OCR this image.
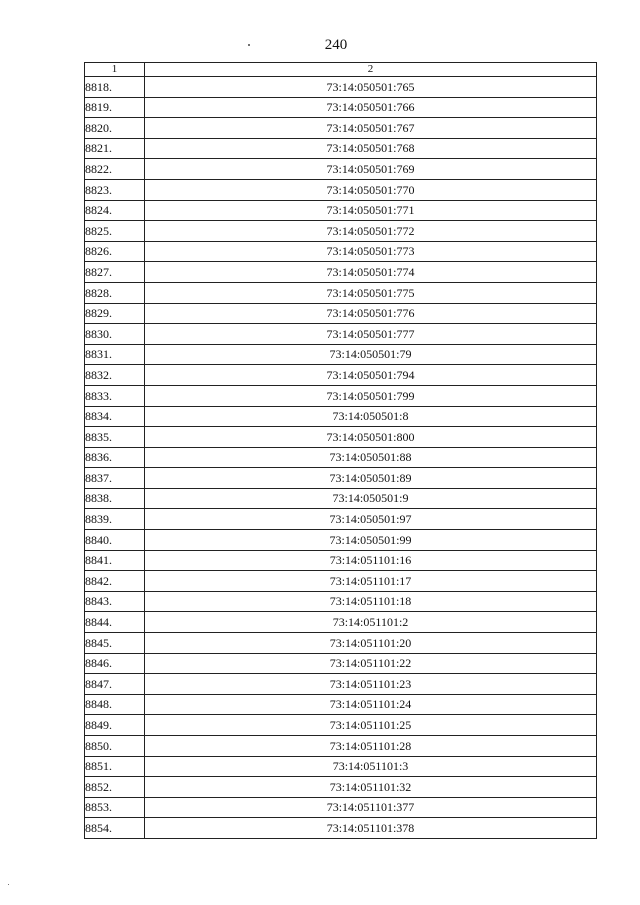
240
1	2
8818.	73:14:050501:765
8819.	73:14:050501:766
8820.	73:14:050501:767
8821.	73:14:050501:768
8822.	73:14:050501:769
8823.	73:14:050501:770
8824.	73:14:050501:771
8825.	73:14:050501:772
8826.	73:14:050501:773
8827.	73:14:050501:774
8828.	73:14:050501:775
8829.	73:14:050501:776
8830.	73:14:050501:777
8831.	73:14:050501:79
8832.	73:14:050501:794
8833.	73:14:050501:799
8834.	73:14:050501:8
8835.	73:14:050501:800
8836.	73:14:050501:88
8837.	73:14:050501:89
8838.	73:14:050501:9
8839.	73:14:050501:97
8840.	73:14:050501:99
8841.	73:14:051101:16
8842.	73:14:051101:17
8843.	73:14:051101:18
8844.	73:14:051101:2
8845.	73:14:051101:20
8846.	73:14:051101:22
8847.	73:14:051101:23
8848.	73:14:051101:24
8849.	73:14:051101:25
8850.	73:14:051101:28
8851.	73:14:051101:3
8852.	73:14:051101:32
8853.	73:14:051101:377
8854.	73:14:051101:378
